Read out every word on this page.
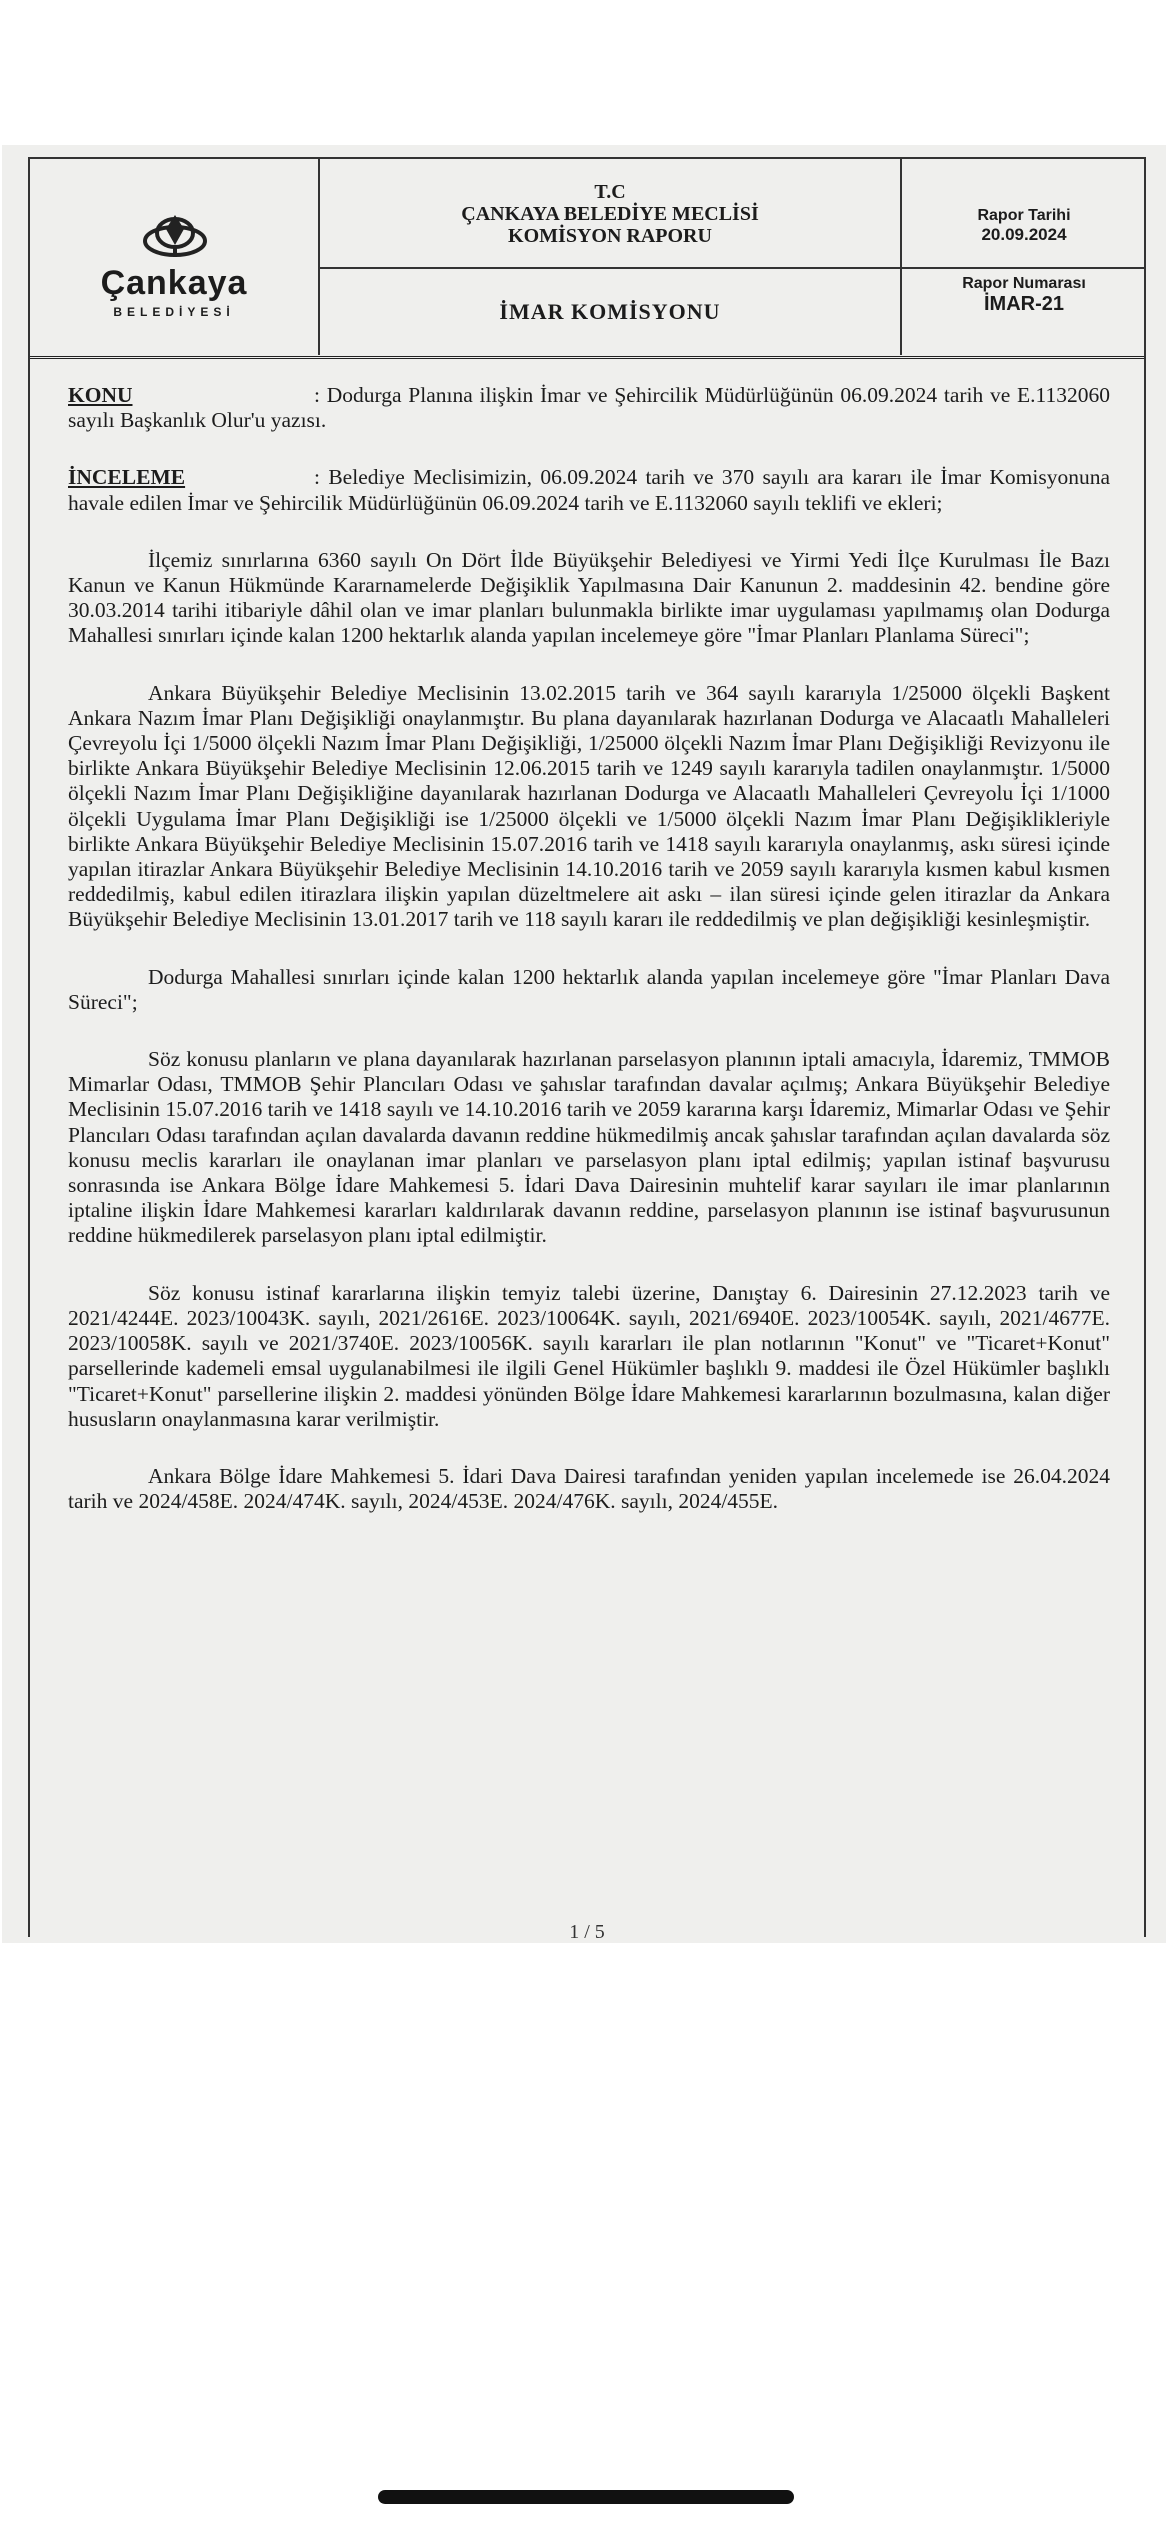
Çankaya
BELEDİYESİ
T.C
ÇANKAYA BELEDİYE MECLİSİ
KOMİSYON RAPORU
İMAR KOMİSYONU
Rapor Tarihi
20.09.2024
Rapor Numarası
İMAR-21

KONU	: Dodurga Planına ilişkin İmar ve Şehircilik Müdürlüğünün 06.09.2024 tarih ve E.1132060 sayılı Başkanlık Olur'u yazısı.

İNCELEME	: Belediye Meclisimizin, 06.09.2024 tarih ve 370 sayılı ara kararı ile İmar Komisyonuna havale edilen İmar ve Şehircilik Müdürlüğünün 06.09.2024 tarih ve E.1132060 sayılı teklifi ve ekleri;

İlçemiz sınırlarına 6360 sayılı On Dört İlde Büyükşehir Belediyesi ve Yirmi Yedi İlçe Kurulması İle Bazı Kanun ve Kanun Hükmünde Kararnamelerde Değişiklik Yapılmasına Dair Kanunun 2. maddesinin 42. bendine göre 30.03.2014 tarihi itibariyle dâhil olan ve imar planları bulunmakla birlikte imar uygulaması yapılmamış olan Dodurga Mahallesi sınırları içinde kalan 1200 hektarlık alanda yapılan incelemeye göre "İmar Planları Planlama Süreci";

Ankara Büyükşehir Belediye Meclisinin 13.02.2015 tarih ve 364 sayılı kararıyla 1/25000 ölçekli Başkent Ankara Nazım İmar Planı Değişikliği onaylanmıştır. Bu plana dayanılarak hazırlanan Dodurga ve Alacaatlı Mahalleleri Çevreyolu İçi 1/5000 ölçekli Nazım İmar Planı Değişikliği, 1/25000 ölçekli Nazım İmar Planı Değişikliği Revizyonu ile birlikte Ankara Büyükşehir Belediye Meclisinin 12.06.2015 tarih ve 1249 sayılı kararıyla tadilen onaylanmıştır. 1/5000 ölçekli Nazım İmar Planı Değişikliğine dayanılarak hazırlanan Dodurga ve Alacaatlı Mahalleleri Çevreyolu İçi 1/1000 ölçekli Uygulama İmar Planı Değişikliği ise 1/25000 ölçekli ve 1/5000 ölçekli Nazım İmar Planı Değişiklikleriyle birlikte Ankara Büyükşehir Belediye Meclisinin 15.07.2016 tarih ve 1418 sayılı kararıyla onaylanmış, askı süresi içinde yapılan itirazlar Ankara Büyükşehir Belediye Meclisinin 14.10.2016 tarih ve 2059 sayılı kararıyla kısmen kabul kısmen reddedilmiş, kabul edilen itirazlara ilişkin yapılan düzeltmelere ait askı – ilan süresi içinde gelen itirazlar da Ankara Büyükşehir Belediye Meclisinin 13.01.2017 tarih ve 118 sayılı kararı ile reddedilmiş ve plan değişikliği kesinleşmiştir.

Dodurga Mahallesi sınırları içinde kalan 1200 hektarlık alanda yapılan incelemeye göre "İmar Planları Dava Süreci";

Söz konusu planların ve plana dayanılarak hazırlanan parselasyon planının iptali amacıyla, İdaremiz, TMMOB Mimarlar Odası, TMMOB Şehir Plancıları Odası ve şahıslar tarafından davalar açılmış; Ankara Büyükşehir Belediye Meclisinin 15.07.2016 tarih ve 1418 sayılı ve 14.10.2016 tarih ve 2059 kararına karşı İdaremiz, Mimarlar Odası ve Şehir Plancıları Odası tarafından açılan davalarda davanın reddine hükmedilmiş ancak şahıslar tarafından açılan davalarda söz konusu meclis kararları ile onaylanan imar planları ve parselasyon planı iptal edilmiş; yapılan istinaf başvurusu sonrasında ise Ankara Bölge İdare Mahkemesi 5. İdari Dava Dairesinin muhtelif karar sayıları ile imar planlarının iptaline ilişkin İdare Mahkemesi kararları kaldırılarak davanın reddine, parselasyon planının ise istinaf başvurusunun reddine hükmedilerek parselasyon planı iptal edilmiştir.

Söz konusu istinaf kararlarına ilişkin temyiz talebi üzerine, Danıştay 6. Dairesinin 27.12.2023 tarih ve 2021/4244E. 2023/10043K. sayılı, 2021/2616E. 2023/10064K. sayılı, 2021/6940E. 2023/10054K. sayılı, 2021/4677E. 2023/10058K. sayılı ve 2021/3740E. 2023/10056K. sayılı kararları ile plan notlarının "Konut" ve "Ticaret+Konut" parsellerinde kademeli emsal uygulanabilmesi ile ilgili Genel Hükümler başlıklı 9. maddesi ile Özel Hükümler başlıklı "Ticaret+Konut" parsellerine ilişkin 2. maddesi yönünden Bölge İdare Mahkemesi kararlarının bozulmasına, kalan diğer hususların onaylanmasına karar verilmiştir.

Ankara Bölge İdare Mahkemesi 5. İdari Dava Dairesi tarafından yeniden yapılan incelemede ise 26.04.2024 tarih ve 2024/458E. 2024/474K. sayılı, 2024/453E. 2024/476K. sayılı, 2024/455E.

1 / 5
